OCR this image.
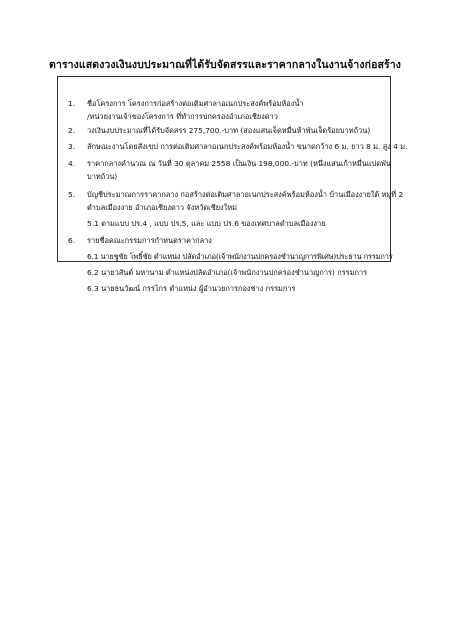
ตารางแสดงวงเงินงบประมาณที่ได้รับจัดสรรและราคากลางในงานจ้างก่อสร้าง
1. ชื่อโครงการ โครงการก่อสร้างต่อเติมศาลาอเนกประสงค์พร้อมห้องน้ำ
/หน่วยงานเจ้าของโครงการ ที่ทำการปกครองอำเภอเชียงดาว
2. วงเงินงบประมาณที่ได้รับจัดสรร 275,700.-บาท (สองแสนเจ็ดหมื่นห้าพันเจ็ดร้อยบาทถ้วน)
3. ลักษณะงานโดยสังเขป การต่อเติมศาลาอเนกประสงค์พร้อมห้องน้ำ ขนาดกว้าง 6 ม. ยาว 8 ม. สูง 4 ม.
4. ราคากลางคำนวณ ณ วันที่ 30 ตุลาคม 2558 เป็นเงิน 198,000.-บาท (หนึ่งแสนเก้าหมื่นแปดพัน
บาทถ้วน)
5. บัญชีประมาณการราคากลาง ก่อสร้างต่อเติมศาลาอเนกประสงค์พร้อมห้องน้ำ บ้านเมืองงายใต้ หมู่ที่ 2
ตำบลเมืองงาย อำเภอเชียงดาว จังหวัดเชียงใหม่
5.1 ตามแบบ ปร.4 , แบบ ปร.5, และ แบบ ปร.6 ของเทศบาลตำบลเมืองงาย
6. รายชื่อคณะกรรมการกำหนดราคากลาง
6.1 นายชูชัย โพธิ์ชัย ตำแหน่ง ปลัดอำเภอ(เจ้าพนักงานปกครองชำนาญการพิเศษ)ประธาน กรรมการ
6.2 นายวสันต์ มหานาม ตำแหน่งปลัดอำเภอ(เจ้าพนักงานปกครองชำนาญการ) กรรมการ
6.3 นายธนวัฒน์ กรรไกร ตำแหน่ง ผู้อำนวยการกองช่าง กรรมการ
